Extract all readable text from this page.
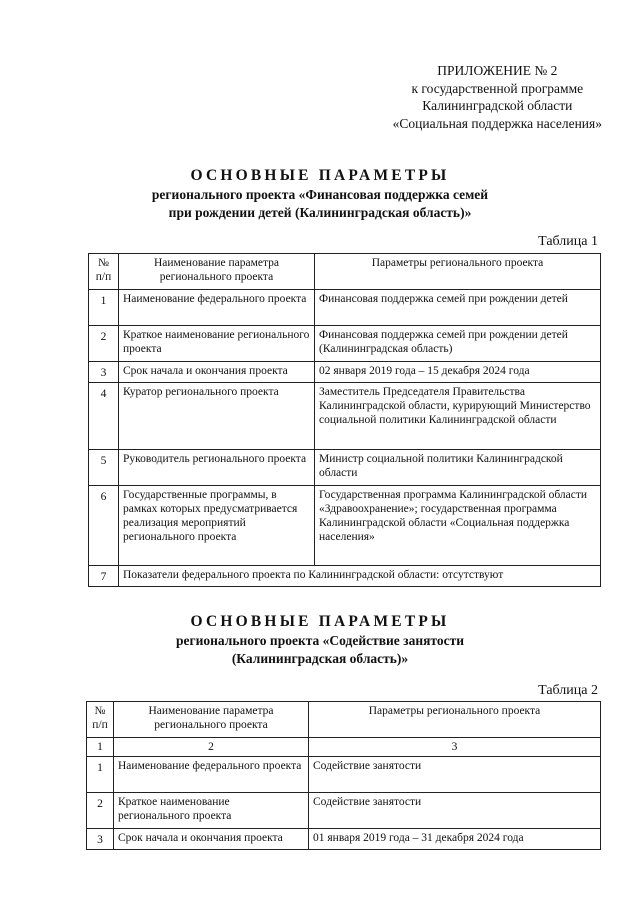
ПРИЛОЖЕНИЕ № 2
к государственной программе
Калининградской области
«Социальная поддержка населения»
ОСНОВНЫЕ ПАРАМЕТРЫ
регионального проекта «Финансовая поддержка семей
при рождении детей (Калининградская область)»
Таблица 1
№ п/п	Наименование параметра регионального проекта	Параметры регионального проекта
1	Наименование федерального проекта	Финансовая поддержка семей при рождении детей
2	Краткое наименование регионального проекта	Финансовая поддержка семей при рождении детей (Калининградская область)
3	Срок начала и окончания проекта	02 января 2019 года – 15 декабря 2024 года
4	Куратор регионального проекта	Заместитель Председателя Правительства Калининградской области, курирующий Министерство социальной политики Калининградской области
5	Руководитель регионального проекта	Министр социальной политики Калининградской области
6	Государственные программы, в рамках которых предусматривается реализация мероприятий регионального проекта	Государственная программа Калининградской области «Здравоохранение»; государственная программа Калининградской области «Социальная поддержка населения»
7	Показатели федерального проекта по Калининградской области: отсутствуют	
ОСНОВНЫЕ ПАРАМЕТРЫ
регионального проекта «Содействие занятости
(Калининградская область)»
Таблица 2
№ п/п	Наименование параметра регионального проекта	Параметры регионального проекта
1	2	3
1	Наименование федерального проекта	Содействие занятости
2	Краткое наименование регионального проекта	Содействие занятости
3	Срок начала и окончания проекта	01 января 2019 года – 31 декабря 2024 года
